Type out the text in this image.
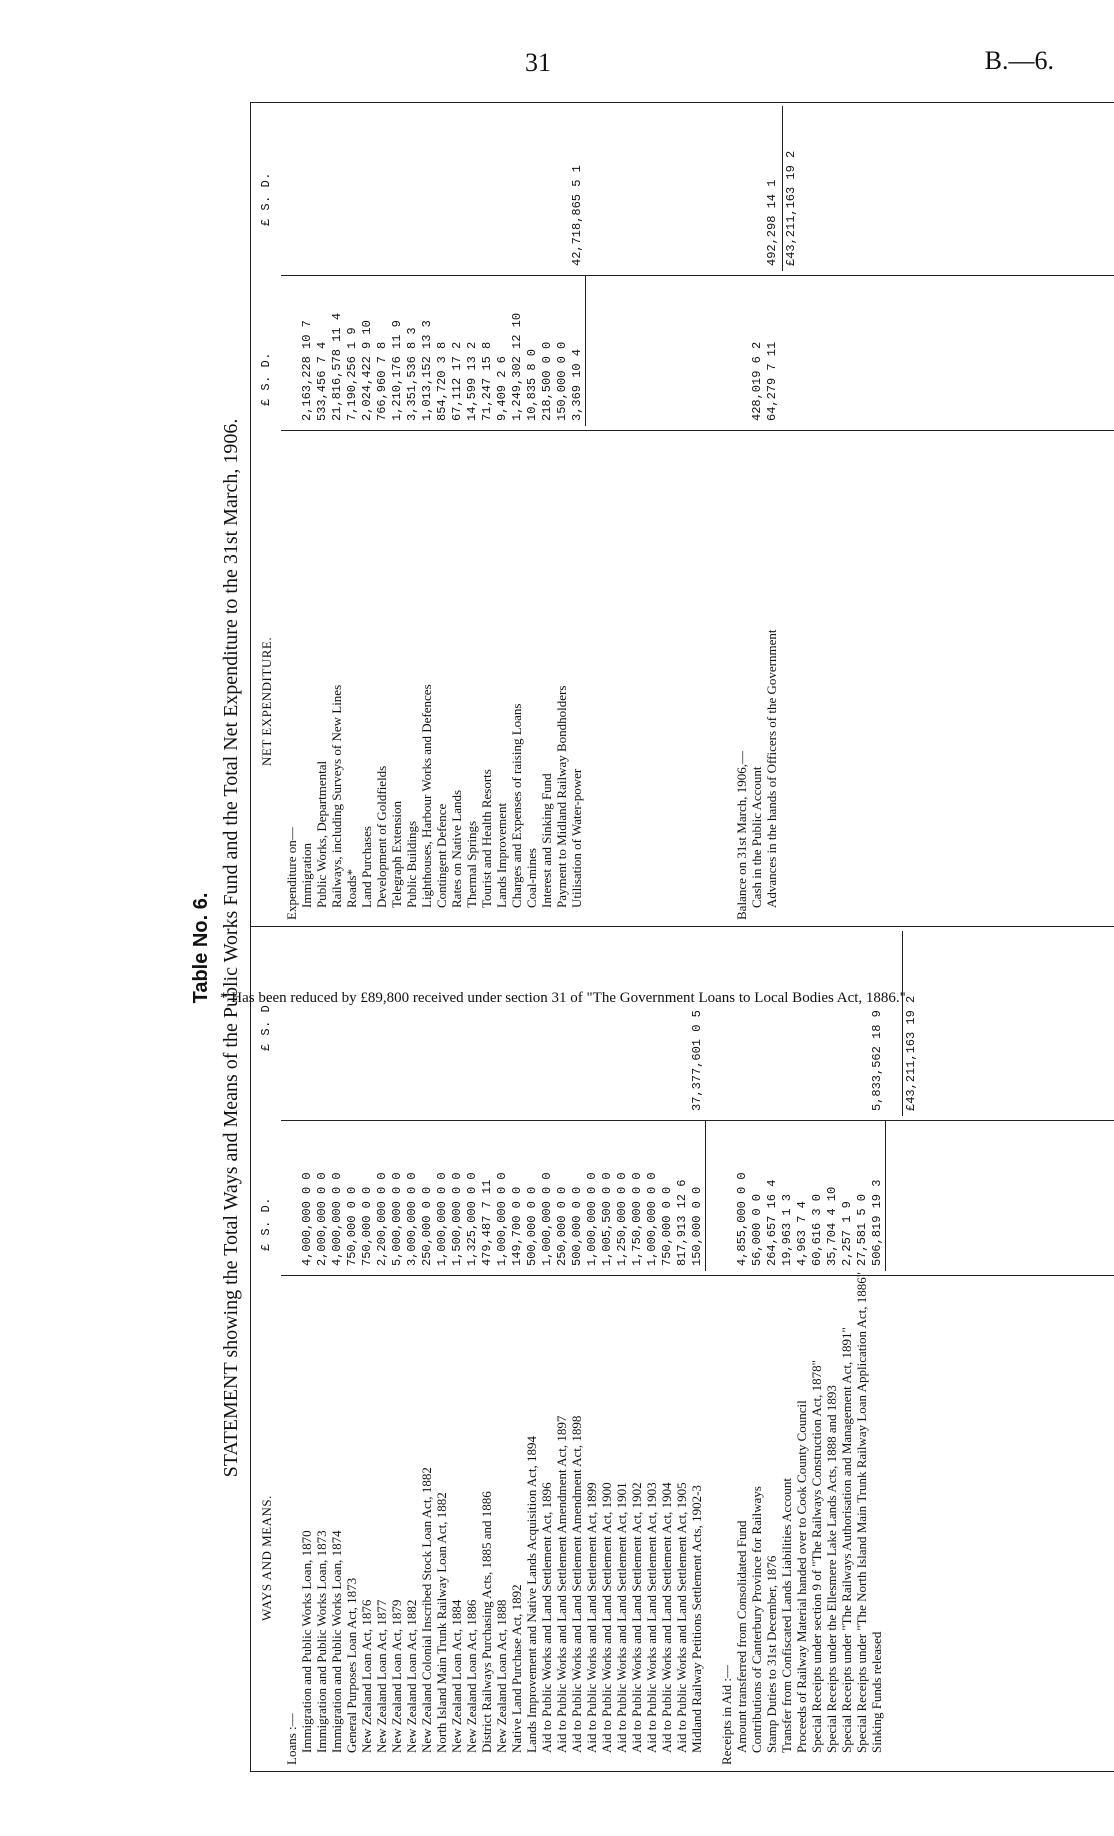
31	B.—6.
Table No. 6. STATEMENT showing the Total Ways and Means of the Public Works Fund and the Total Net Expenditure to the 31st March, 1906.
WAYS AND MEANS.
£ S. D.
£ S. D.
Loans :— Immigration and Public Works Loan, 1870
4,000,000 0 0
Immigration and Public Works Loan, 1873
2,000,000 0 0
Immigration and Public Works Loan, 1874
4,000,000 0 0
General Purposes Loan Act, 1873
750,000 0 0
New Zealand Loan Act, 1876
750,000 0 0
New Zealand Loan Act, 1877
2,200,000 0 0
New Zealand Loan Act, 1879
5,000,000 0 0
New Zealand Loan Act, 1882
3,000,000 0 0
New Zealand Colonial Inscribed Stock Loan Act, 1882
250,000 0 0
North Island Main Trunk Railway Loan Act, 1882
1,000,000 0 0
New Zealand Loan Act, 1884
1,500,000 0 0
New Zealand Loan Act, 1886
1,325,000 0 0
District Railways Purchasing Acts, 1885 and 1886
479,487 7 11
New Zealand Loan Act, 1888
1,000,000 0 0
Native Land Purchase Act, 1892
149,700 0 0
Lands Improvement and Native Lands Acquisition Act, 1894
500,000 0 0
Aid to Public Works and Land Settlement Act, 1896
1,000,000 0 0
Aid to Public Works and Land Settlement Amendment Act, 1897
250,000 0 0
Aid to Public Works and Land Settlement Amendment Act, 1898
500,000 0 0
Aid to Public Works and Land Settlement Act, 1899
1,000,000 0 0
Aid to Public Works and Land Settlement Act, 1900
1,005,500 0 0
Aid to Public Works and Land Settlement Act, 1901
1,250,000 0 0
Aid to Public Works and Land Settlement Act, 1902
1,750,000 0 0
Aid to Public Works and Land Settlement Act, 1903
1,000,000 0 0
Aid to Public Works and Land Settlement Act, 1904
750,000 0 0
Aid to Public Works and Land Settlement Act, 1905
817,913 12 6
Midland Railway Petitions Settlement Acts, 1902-3
150,000 0 0
37,377,601 0 5
Receipts in Aid :— Amount transferred from Consolidated Fund
4,855,000 0 0
Contributions of Canterbury Province for Railways
56,000 0 0
Stamp Duties to 31st December, 1876
264,657 16 4
Transfer from Confiscated Lands Liabilities Account
19,963 1 3
Proceeds of Railway Material handed over to Cook County Council
4,963 7 4
Special Receipts under section 9 of "The Railways Construction Act, 1878"
60,616 3 0
Special Receipts under the Ellesmere Lake Lands Acts, 1888 and 1893
35,704 4 10
Special Receipts under "The Railways Authorisation and Management Act, 1891"
2,257 1 9
Special Receipts under "The North Island Main Trunk Railway Loan Application Act, 1886"
27,581 5 0
Sinking Funds released
506,819 19 3
5,833,562 18 9 £43,211,163 19 2
NET EXPENDITURE.
£ S. D.
£ S. D.
Expenditure on— Immigration
2,163,228 10 7
Public Works, Departmental
533,456 7 4
Railways, including Surveys of New Lines
21,816,578 11 4
Roads*
7,190,256 1 9
Land Purchases
2,024,422 9 10
Development of Goldfields
766,960 7 8
Telegraph Extension
1,210,176 11 9
Public Buildings
3,351,536 8 3
Lighthouses, Harbour Works and Defences
1,013,152 13 3
Contingent Defence
854,720 3 8
Rates on Native Lands
67,112 17 2
Thermal Springs
14,599 13 2
Tourist and Health Resorts
71,247 15 8
Lands Improvement
9,409 2 6
Charges and Expenses of raising Loans
1,249,302 12 10
Coal-mines
10,835 8 0
Interest and Sinking Fund
218,500 0 0
Payment to Midland Railway Bondholders
150,000 0 0
Utilisation of Water-power
3,369 10 4
42,718,865 5 1
Balance on 31st March, 1906,— Cash in the Public Account
428,019 6 2
Advances in the hands of Officers of the Government
64,279 7 11
492,298 14 1 £43,211,163 19 2
* Has been reduced by £89,800 received under section 31 of "The Government Loans to Local Bodies Act, 1886."
